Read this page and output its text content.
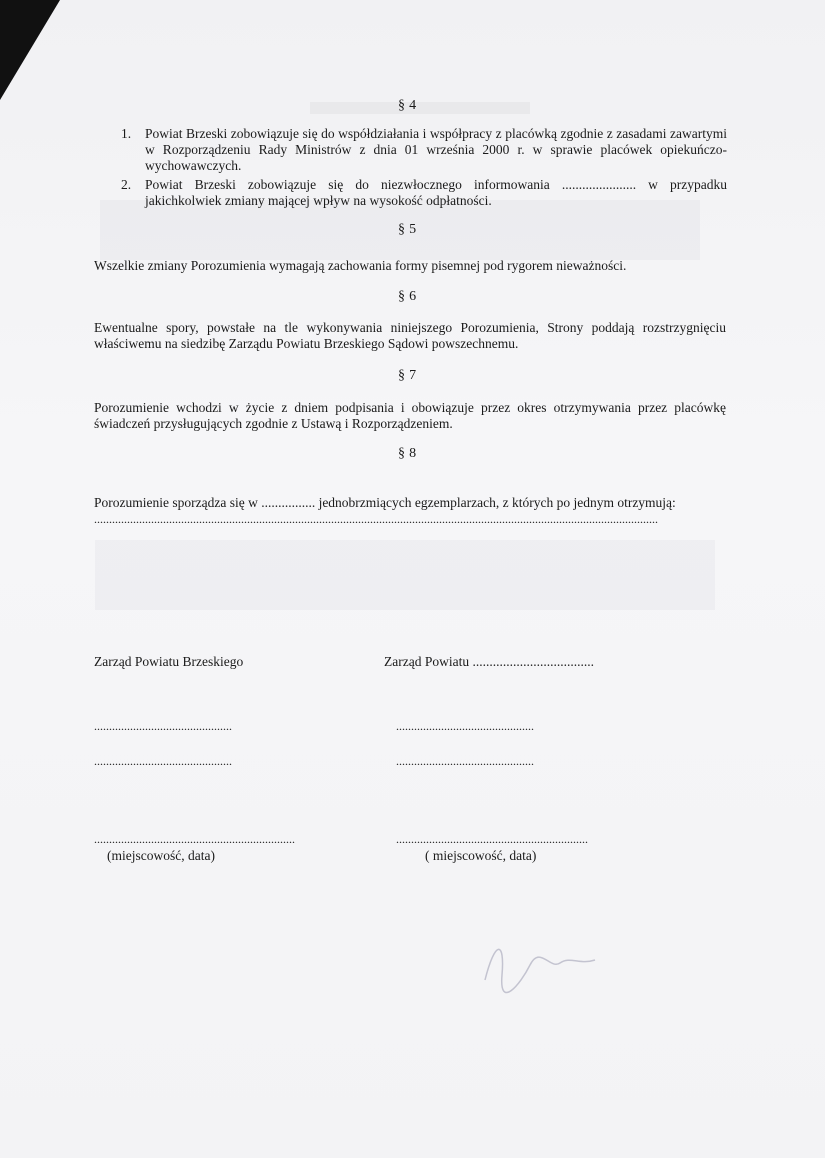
§ 4
1. Powiat Brzeski zobowiązuje się do współdziałania i współpracy z placówką zgodnie z zasadami zawartymi w Rozporządzeniu Rady Ministrów z dnia 01 września 2000 r. w sprawie placówek opiekuńczo- wychowawczych.
2. Powiat Brzeski zobowiązuje się do niezwłocznego informowania ...................... w przypadku jakichkolwiek zmiany mającej wpływ na wysokość odpłatności.
§ 5
Wszelkie zmiany Porozumienia wymagają zachowania formy pisemnej pod rygorem nieważności.
§ 6
Ewentualne spory, powstałe na tle wykonywania niniejszego Porozumienia, Strony poddają rozstrzygnięciu właściwemu na siedzibę Zarządu Powiatu Brzeskiego Sądowi powszechnemu.
§ 7
Porozumienie wchodzi w życie z dniem podpisania i obowiązuje przez okres otrzymywania przez placówkę świadczeń przysługujących zgodnie z Ustawą i Rozporządzeniem.
§ 8
Porozumienie sporządza się w ................ jednobrzmiących egzemplarzach, z których po jednym otrzymują:
............................................................................................................................................................................................
Zarząd Powiatu Brzeskiego	Zarząd Powiatu ....................................
..............................................	..............................................
..............................................	..............................................
...................................................................	................................................................
(miejscowość, data)	( miejscowość, data)
